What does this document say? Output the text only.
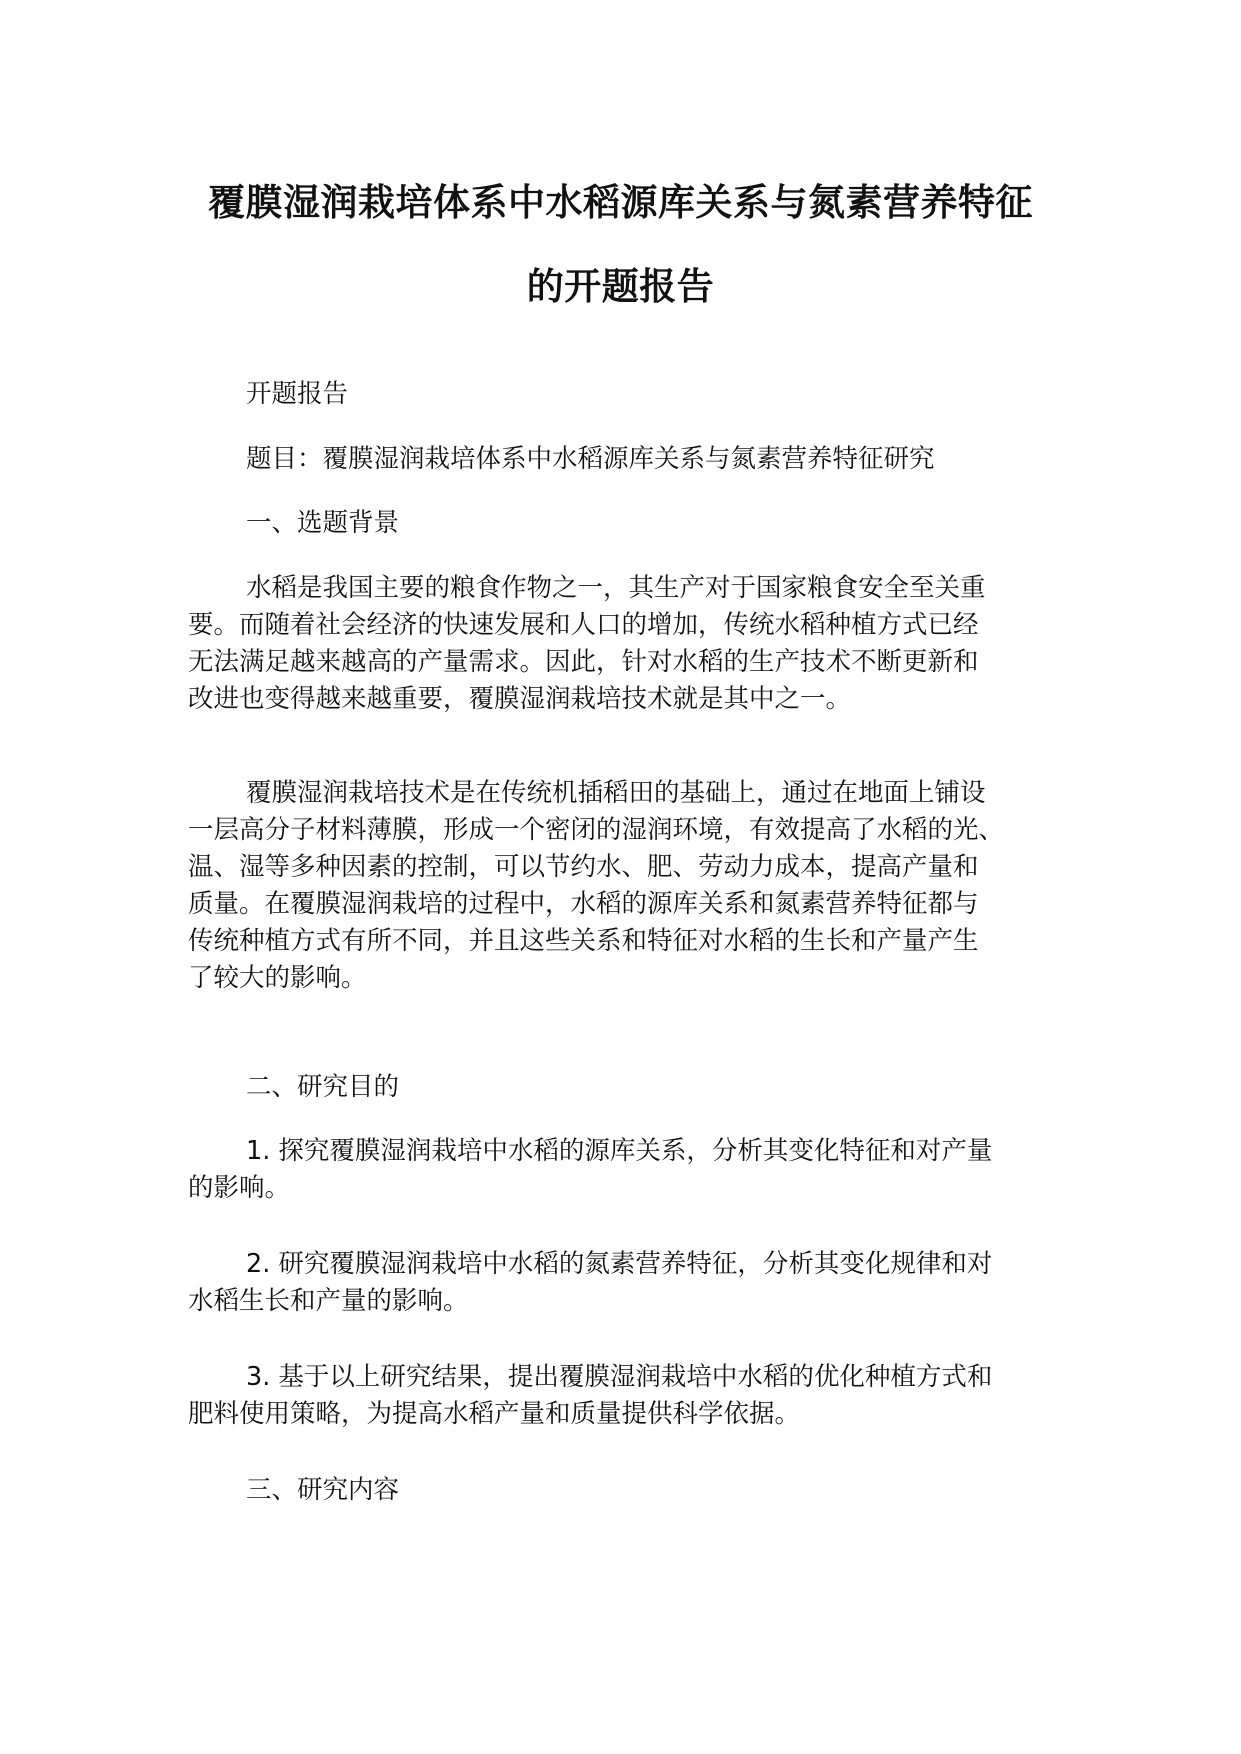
覆膜湿润栽培体系中水稻源库关系与氮素营养特征
的开题报告

开题报告

题目：覆膜湿润栽培体系中水稻源库关系与氮素营养特征研究

一、选题背景

水稻是我国主要的粮食作物之一，其生产对于国家粮食安全至关重
要。而随着社会经济的快速发展和人口的增加，传统水稻种植方式已经
无法满足越来越高的产量需求。因此，针对水稻的生产技术不断更新和
改进也变得越来越重要，覆膜湿润栽培技术就是其中之一。

覆膜湿润栽培技术是在传统机插稻田的基础上，通过在地面上铺设
一层高分子材料薄膜，形成一个密闭的湿润环境，有效提高了水稻的光、
温、湿等多种因素的控制，可以节约水、肥、劳动力成本，提高产量和
质量。在覆膜湿润栽培的过程中，水稻的源库关系和氮素营养特征都与
传统种植方式有所不同，并且这些关系和特征对水稻的生长和产量产生
了较大的影响。

二、研究目的

1. 探究覆膜湿润栽培中水稻的源库关系，分析其变化特征和对产量
的影响。

2. 研究覆膜湿润栽培中水稻的氮素营养特征，分析其变化规律和对
水稻生长和产量的影响。

3. 基于以上研究结果，提出覆膜湿润栽培中水稻的优化种植方式和
肥料使用策略，为提高水稻产量和质量提供科学依据。

三、研究内容
